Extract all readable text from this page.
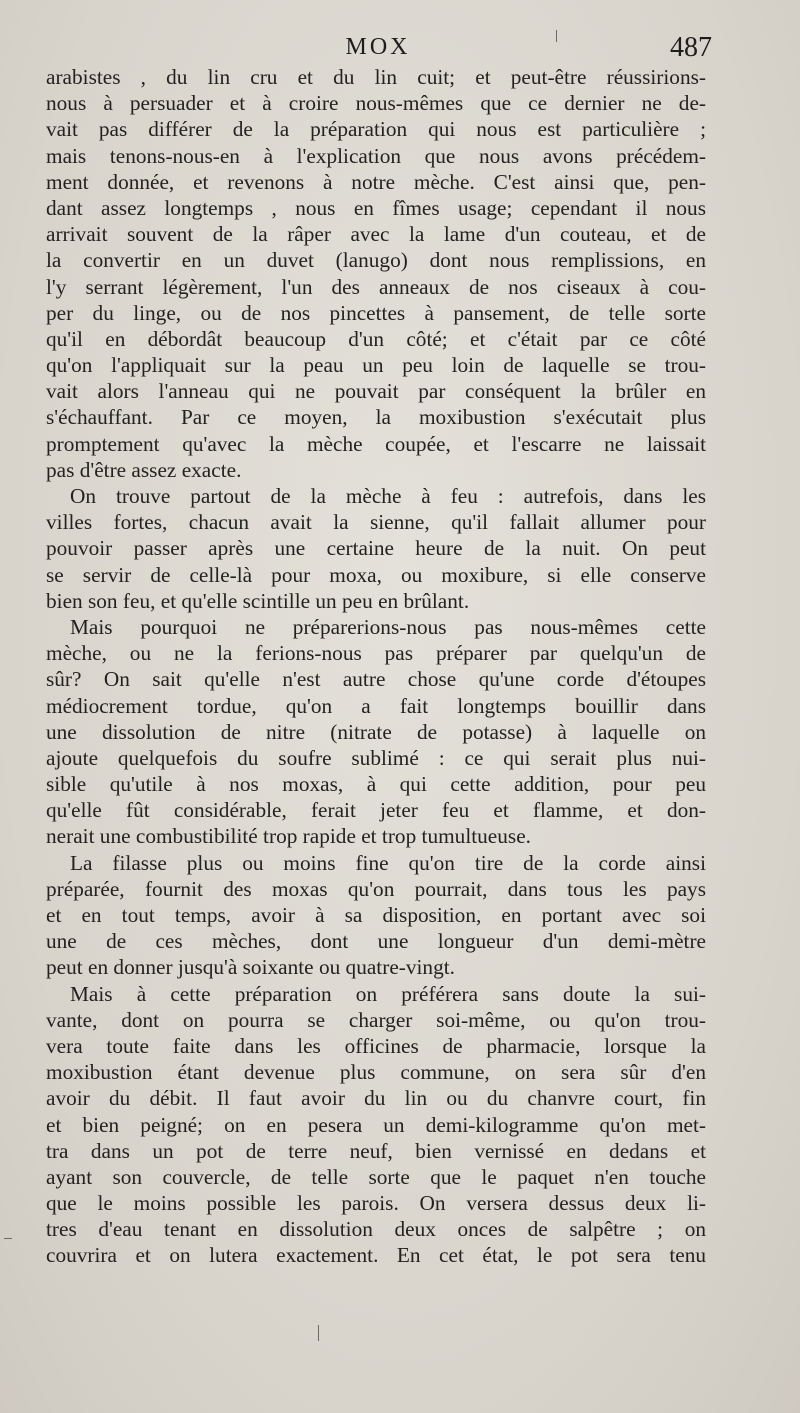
MOX	487
arabistes , du lin cru et du lin cuit; et peut-être réussirions-
nous à persuader et à croire nous-mêmes que ce dernier ne de-
vait pas différer de la préparation qui nous est particulière ;
mais tenons-nous-en à l'explication que nous avons précédem-
ment donnée, et revenons à notre mèche. C'est ainsi que, pen-
dant assez longtemps , nous en fîmes usage; cependant il nous
arrivait souvent de la râper avec la lame d'un couteau, et de
la convertir en un duvet (lanugo) dont nous remplissions, en
l'y serrant légèrement, l'un des anneaux de nos ciseaux à cou-
per du linge, ou de nos pincettes à pansement, de telle sorte
qu'il en débordât beaucoup d'un côté; et c'était par ce côté
qu'on l'appliquait sur la peau un peu loin de laquelle se trou-
vait alors l'anneau qui ne pouvait par conséquent la brûler en
s'échauffant. Par ce moyen, la moxibustion s'exécutait plus
promptement qu'avec la mèche coupée, et l'escarre ne laissait
pas d'être assez exacte.
On trouve partout de la mèche à feu : autrefois, dans les
villes fortes, chacun avait la sienne, qu'il fallait allumer pour
pouvoir passer après une certaine heure de la nuit. On peut
se servir de celle-là pour moxa, ou moxibure, si elle conserve
bien son feu, et qu'elle scintille un peu en brûlant.
Mais pourquoi ne préparerions-nous pas nous-mêmes cette
mèche, ou ne la ferions-nous pas préparer par quelqu'un de
sûr? On sait qu'elle n'est autre chose qu'une corde d'étoupes
médiocrement tordue, qu'on a fait longtemps bouillir dans
une dissolution de nitre (nitrate de potasse) à laquelle on
ajoute quelquefois du soufre sublimé : ce qui serait plus nui-
sible qu'utile à nos moxas, à qui cette addition, pour peu
qu'elle fût considérable, ferait jeter feu et flamme, et don-
nerait une combustibilité trop rapide et trop tumultueuse.
La filasse plus ou moins fine qu'on tire de la corde ainsi
préparée, fournit des moxas qu'on pourrait, dans tous les pays
et en tout temps, avoir à sa disposition, en portant avec soi
une de ces mèches, dont une longueur d'un demi-mètre
peut en donner jusqu'à soixante ou quatre-vingt.
Mais à cette préparation on préférera sans doute la sui-
vante, dont on pourra se charger soi-même, ou qu'on trou-
vera toute faite dans les officines de pharmacie, lorsque la
moxibustion étant devenue plus commune, on sera sûr d'en
avoir du débit. Il faut avoir du lin ou du chanvre court, fin
et bien peigné; on en pesera un demi-kilogramme qu'on met-
tra dans un pot de terre neuf, bien vernissé en dedans et
ayant son couvercle, de telle sorte que le paquet n'en touche
que le moins possible les parois. On versera dessus deux li-
tres d'eau tenant en dissolution deux onces de salpêtre ; on
couvrira et on lutera exactement. En cet état, le pot sera tenu
